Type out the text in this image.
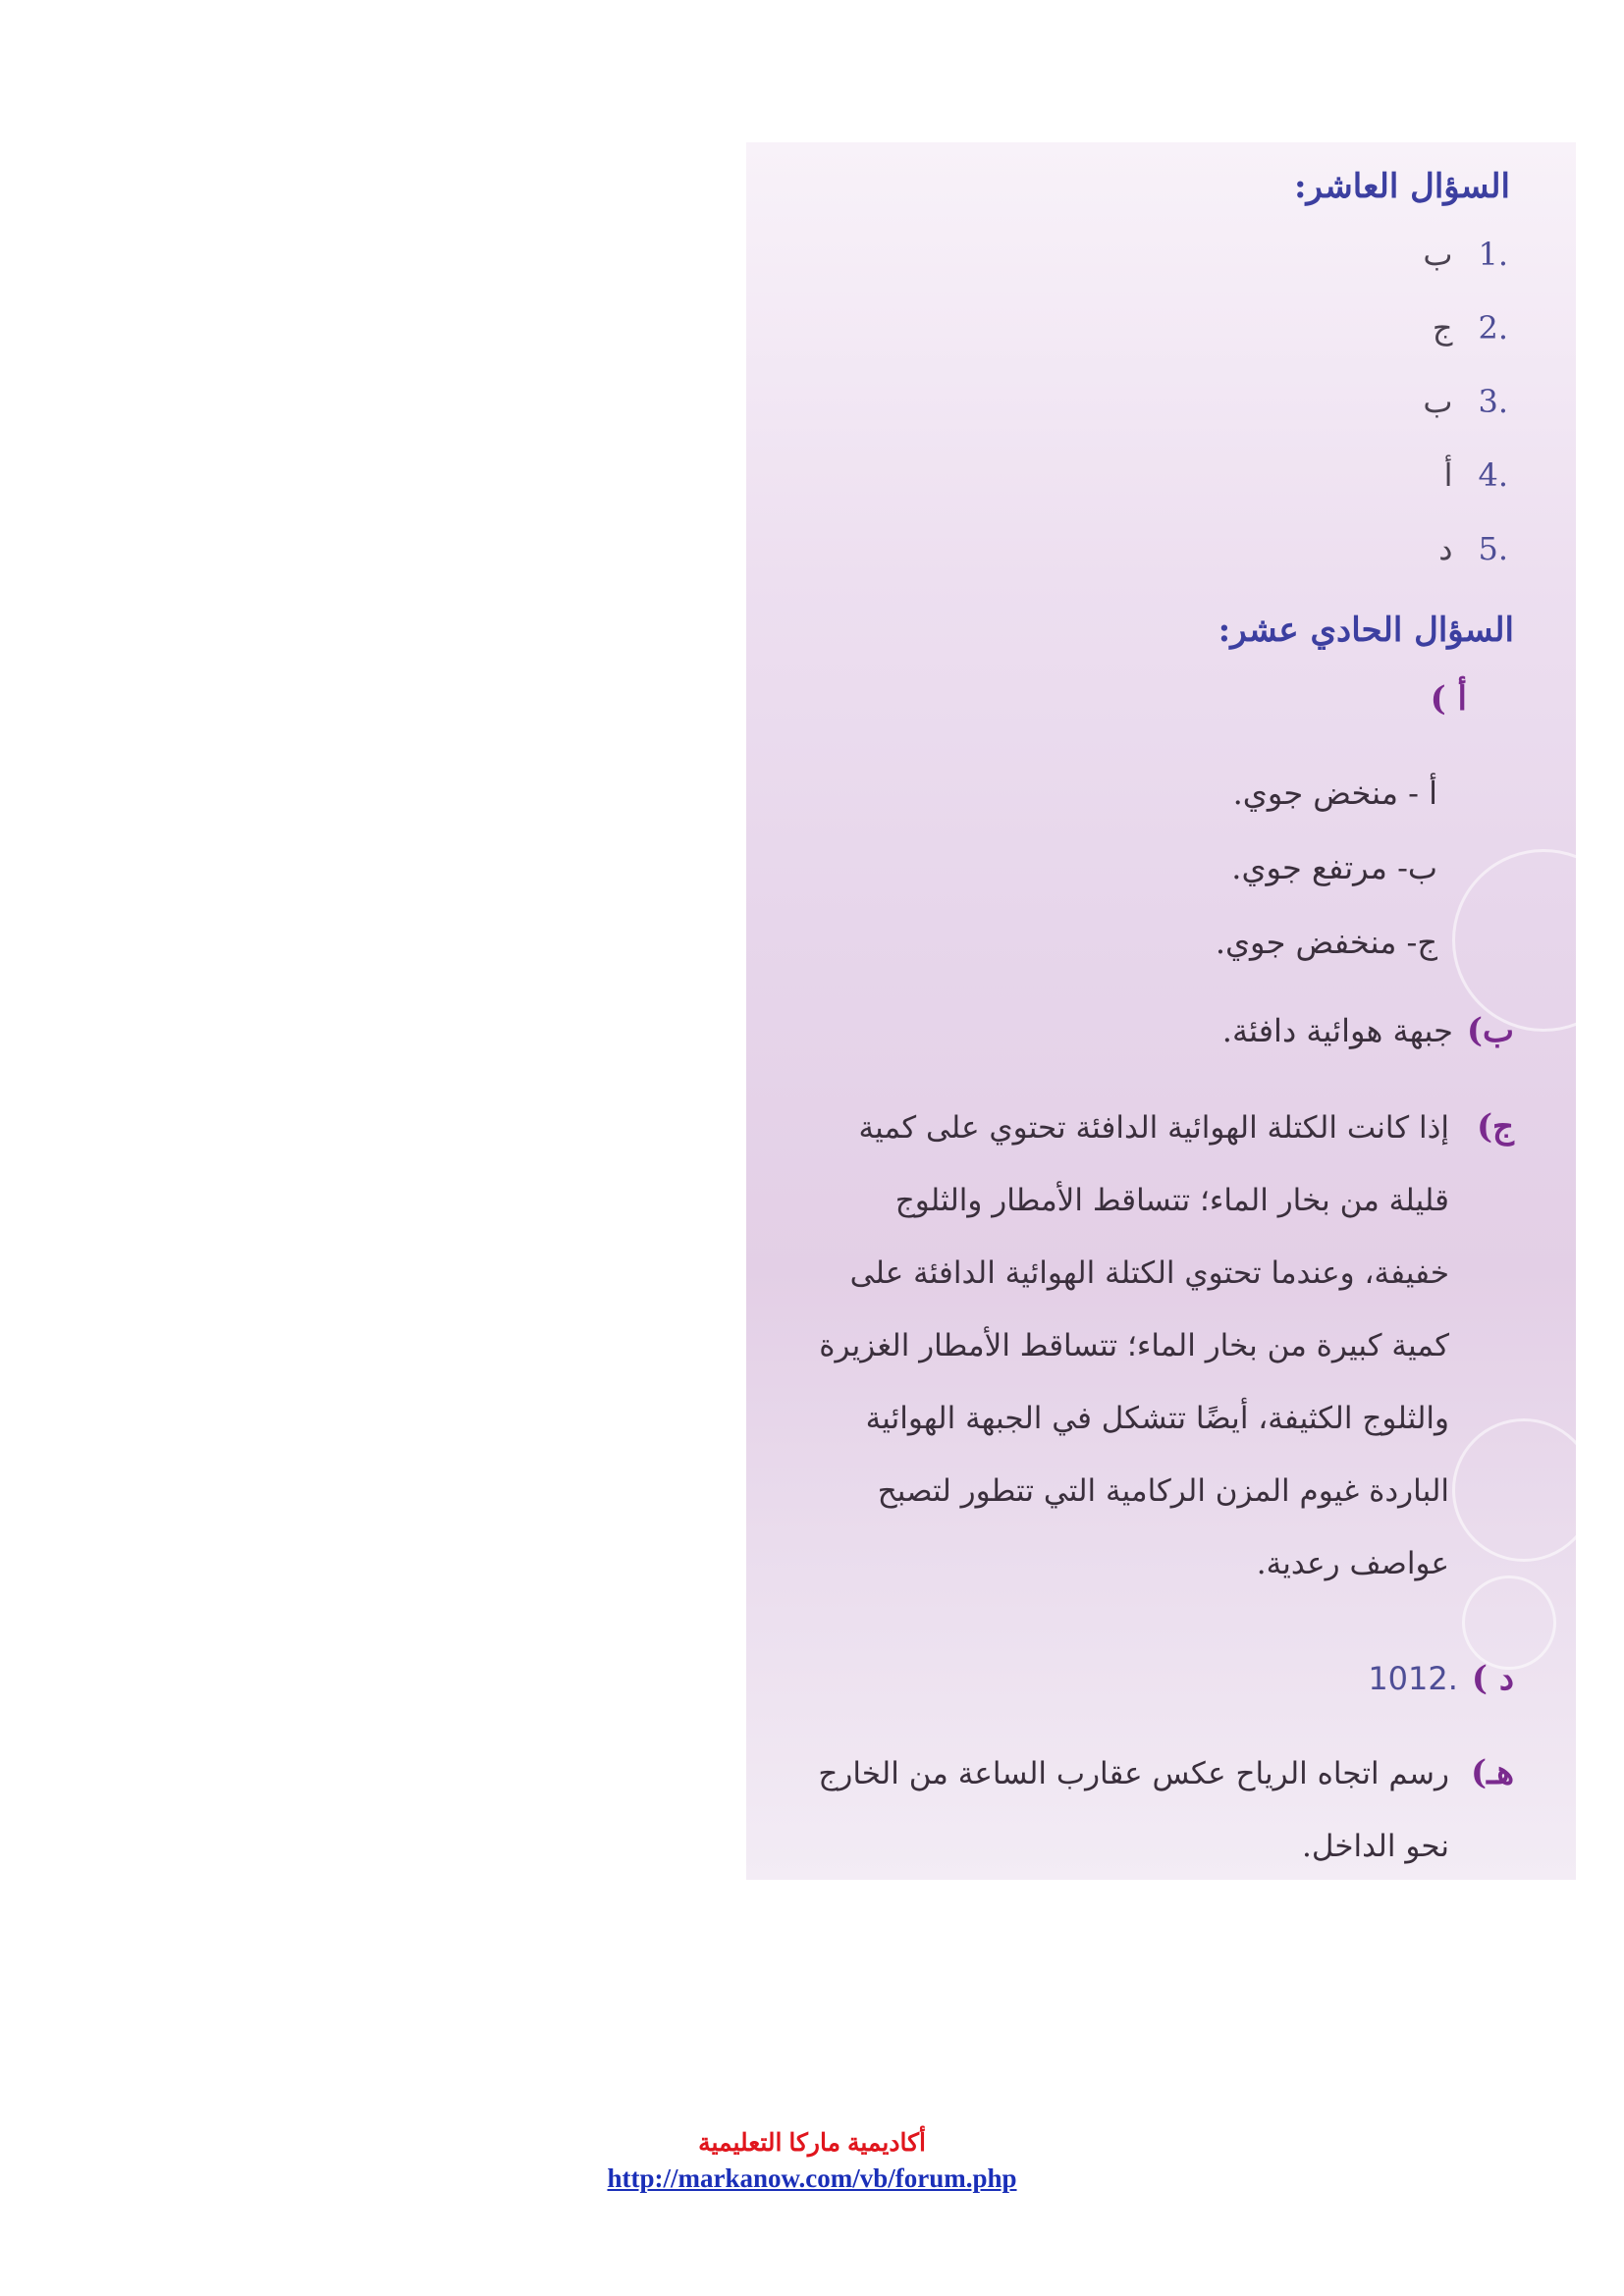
السؤال العاشر:
.1ب
.2ج
.3ب
.4أ
.5د
السؤال الحادي عشر:
أ )
أ - منخض جوي.
ب- مرتفع جوي.
ج- منخفض جوي.
ب)جبهة هوائية دافئة.
ج)
إذا كانت الكتلة الهوائية الدافئة تحتوي على كمية
قليلة من بخار الماء؛ تتساقط الأمطار والثلوج
خفيفة، وعندما تحتوي الكتلة الهوائية الدافئة على
كمية كبيرة من بخار الماء؛ تتساقط الأمطار الغزيرة
والثلوج الكثيفة، أيضًا تتشكل في الجبهة الهوائية
الباردة غيوم المزن الركامية التي تتطور لتصبح
عواصف رعدية.
د ).1012
هـ)
رسم اتجاه الرياح عكس عقارب الساعة من الخارج
نحو الداخل.
أكاديمية ماركا التعليمية
http://markanow.com/vb/forum.php
